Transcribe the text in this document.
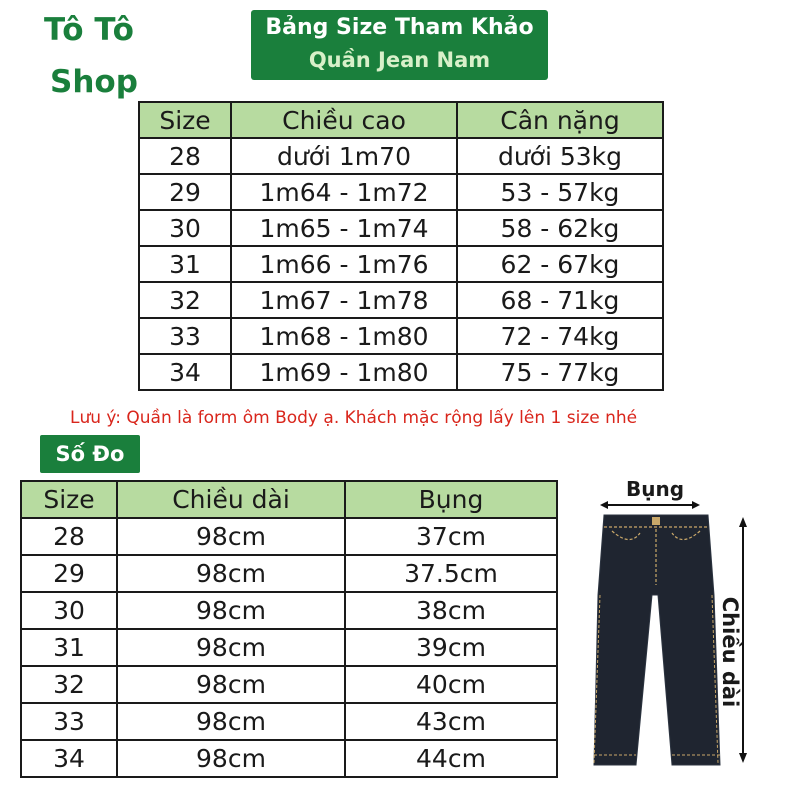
Tô Tô
Shop
Bảng Size Tham Khảo
Quần Jean Nam
Size	Chiều cao	Cân nặng
28	dưới 1m70	dưới 53kg
29	1m64 - 1m72	53 - 57kg
30	1m65 - 1m74	58 - 62kg
31	1m66 - 1m76	62 - 67kg
32	1m67 - 1m78	68 - 71kg
33	1m68 - 1m80	72 - 74kg
34	1m69 - 1m80	75 - 77kg
Lưu ý: Quần là form ôm Body ạ. Khách mặc rộng lấy lên 1 size nhé
Số Đo
Size	Chiều dài	Bụng
28	98cm	37cm
29	98cm	37.5cm
30	98cm	38cm
31	98cm	39cm
32	98cm	40cm
33	98cm	43cm
34	98cm	44cm
Bụng
Chiều dài
